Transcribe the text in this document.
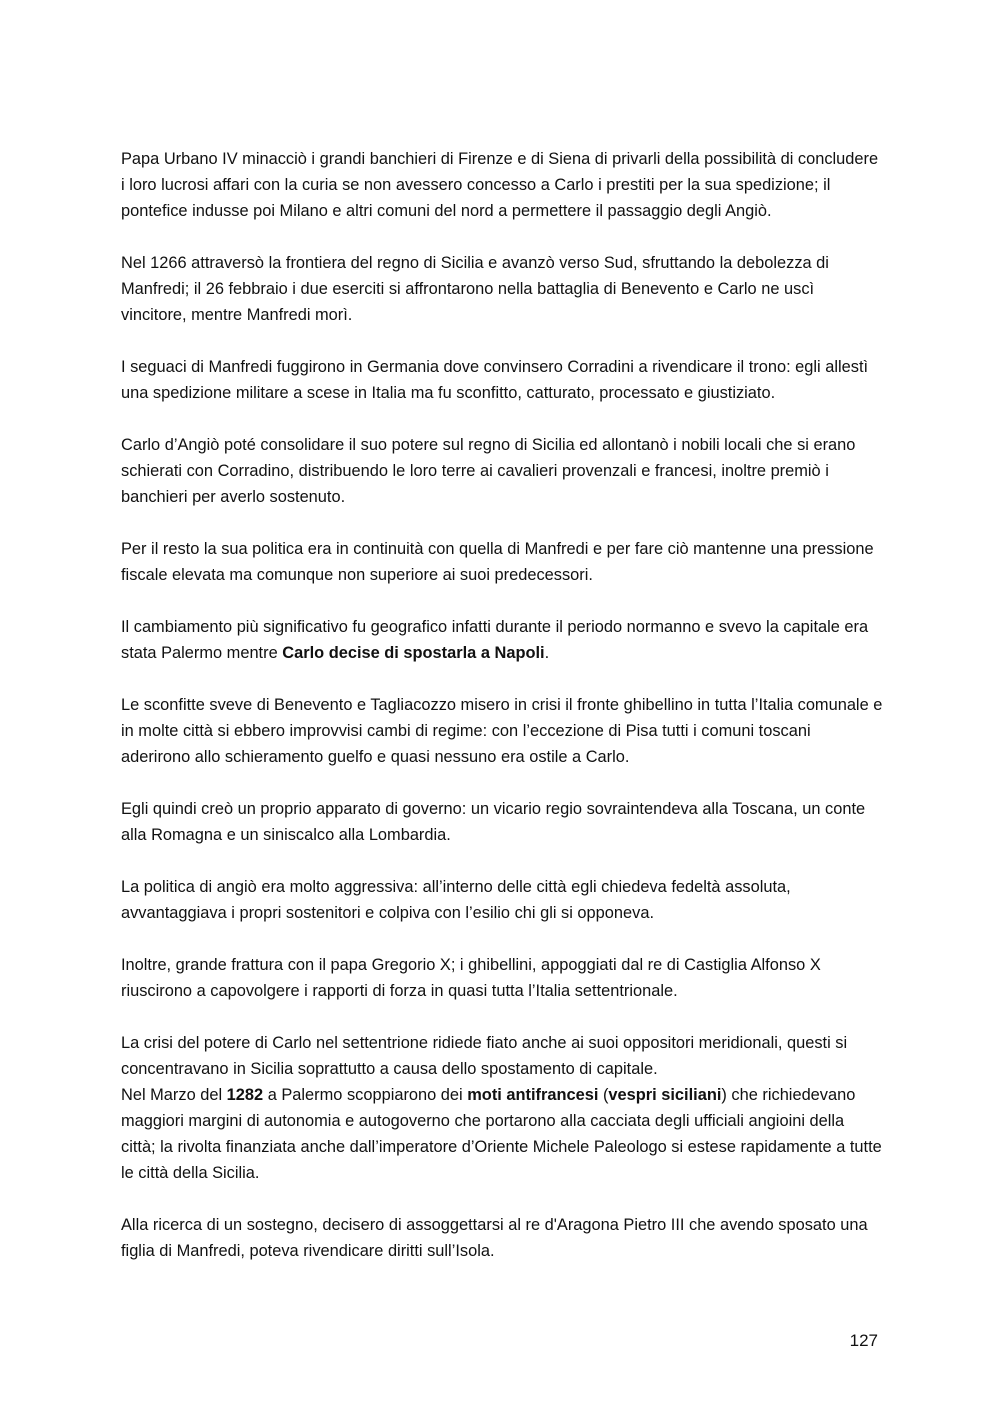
Papa Urbano IV minacciò i grandi banchieri di Firenze e di Siena di privarli della possibilità di concludere i loro lucrosi affari con la curia se non avessero concesso a Carlo i prestiti per la sua spedizione; il pontefice indusse poi Milano e altri comuni del nord a permettere il passaggio degli Angiò.

Nel 1266 attraversò la frontiera del regno di Sicilia e avanzò verso Sud, sfruttando la debolezza di Manfredi; il 26 febbraio i due eserciti si affrontarono nella battaglia di Benevento e Carlo ne uscì vincitore, mentre Manfredi morì.

I seguaci di Manfredi fuggirono in Germania dove convinsero Corradini a rivendicare il trono: egli allestì una spedizione militare a scese in Italia ma fu sconfitto, catturato, processato e giustiziato.

Carlo d’Angiò poté consolidare il suo potere sul regno di Sicilia ed allontanò i nobili locali che si erano schierati con Corradino, distribuendo le loro terre ai cavalieri provenzali e francesi, inoltre premiò i banchieri per averlo sostenuto.

Per il resto la sua politica era in continuità con quella di Manfredi e per fare ciò mantenne una pressione fiscale elevata ma comunque non superiore ai suoi predecessori.

Il cambiamento più significativo fu geografico infatti durante il periodo normanno e svevo la capitale era stata Palermo mentre Carlo decise di spostarla a Napoli.

Le sconfitte sveve di Benevento e Tagliacozzo misero in crisi il fronte ghibellino in tutta l’Italia comunale e in molte città si ebbero improvvisi cambi di regime: con l’eccezione di Pisa tutti i comuni toscani aderirono allo schieramento guelfo e quasi nessuno era ostile a Carlo.

Egli quindi creò un proprio apparato di governo: un vicario regio sovraintendeva alla Toscana, un conte alla Romagna e un siniscalco alla Lombardia.

La politica di angiò era molto aggressiva: all’interno delle città egli chiedeva fedeltà assoluta, avvantaggiava i propri sostenitori e colpiva con l’esilio chi gli si opponeva.

Inoltre, grande frattura con il papa Gregorio X; i ghibellini, appoggiati dal re di Castiglia Alfonso X riuscirono a capovolgere i rapporti di forza in quasi tutta l’Italia settentrionale.

La crisi del potere di Carlo nel settentrione ridiede fiato anche ai suoi oppositori meridionali, questi si concentravano in Sicilia soprattutto a causa dello spostamento di capitale.

Nel Marzo del 1282 a Palermo scoppiarono dei moti antifrancesi (vespri siciliani) che richiedevano maggiori margini di autonomia e autogoverno che portarono alla cacciata degli ufficiali angioini della città; la rivolta finanziata anche dall’imperatore d’Oriente Michele Paleologo si estese rapidamente a tutte le città della Sicilia.

Alla ricerca di un sostegno, decisero di assoggettarsi al re d'Aragona Pietro III che avendo sposato una figlia di Manfredi, poteva rivendicare diritti sull’Isola.

127
